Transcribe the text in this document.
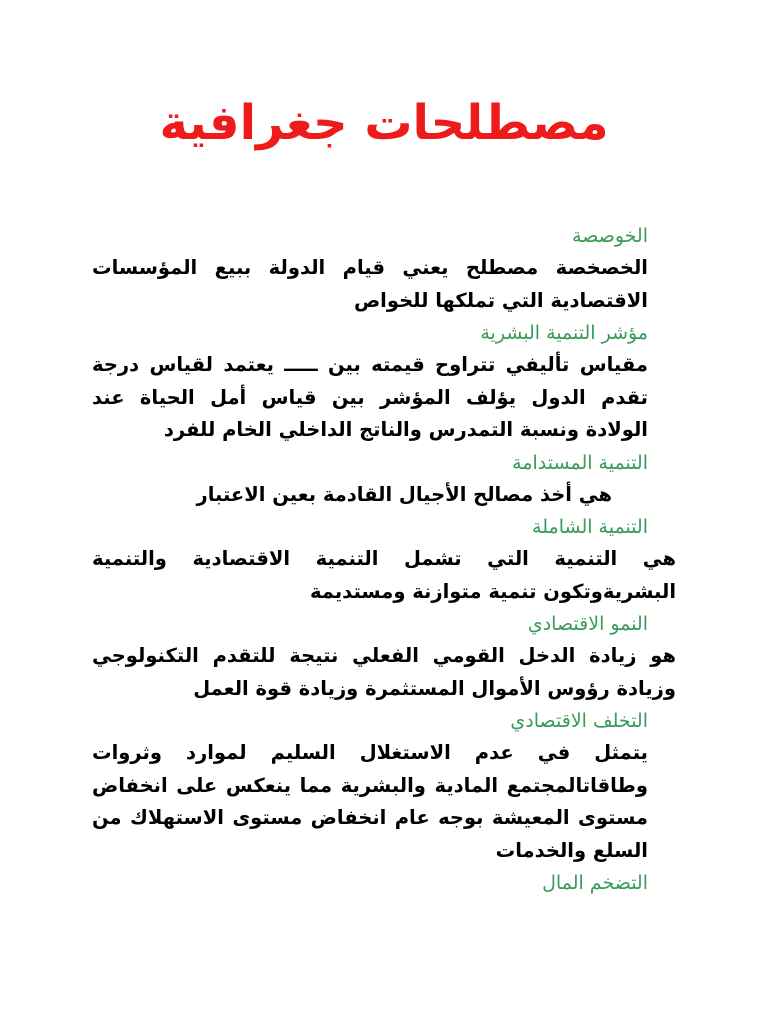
مصطلحات جغرافية

الخوصصة

الخصخصة مصطلح يعني قيام الدولة ببيع المؤسسات الاقتصادية التي تملكها للخواص

مؤشر التنمية البشرية

مقياس تأليفي تتراوح قيمته بين ـــــ يعتمد لقياس درجة تقدم الدول يؤلف المؤشر بين قياس أمل الحياة عند الولادة ونسبة التمدرس والناتج الداخلي الخام للفرد

التنمية المستدامة

هي أخذ مصالح الأجيال القادمة بعين الاعتبار

التنمية الشاملة

هي التنمية التي تشمل التنمية الاقتصادية والتنمية البشريةوتكون تنمية متوازنة ومستديمة

النمو الاقتصادي

هو زيادة الدخل القومي الفعلي نتيجة للتقدم التكنولوجي وزيادة رؤوس الأموال المستثمرة وزيادة قوة العمل

التخلف الاقتصادي

يتمثل في عدم الاستغلال السليم لموارد وثروات وطاقاتالمجتمع المادية والبشرية مما ينعكس على انخفاض مستوى المعيشة بوجه عام انخفاض مستوى الاستهلاك من السلع والخدمات

التضخم المال
